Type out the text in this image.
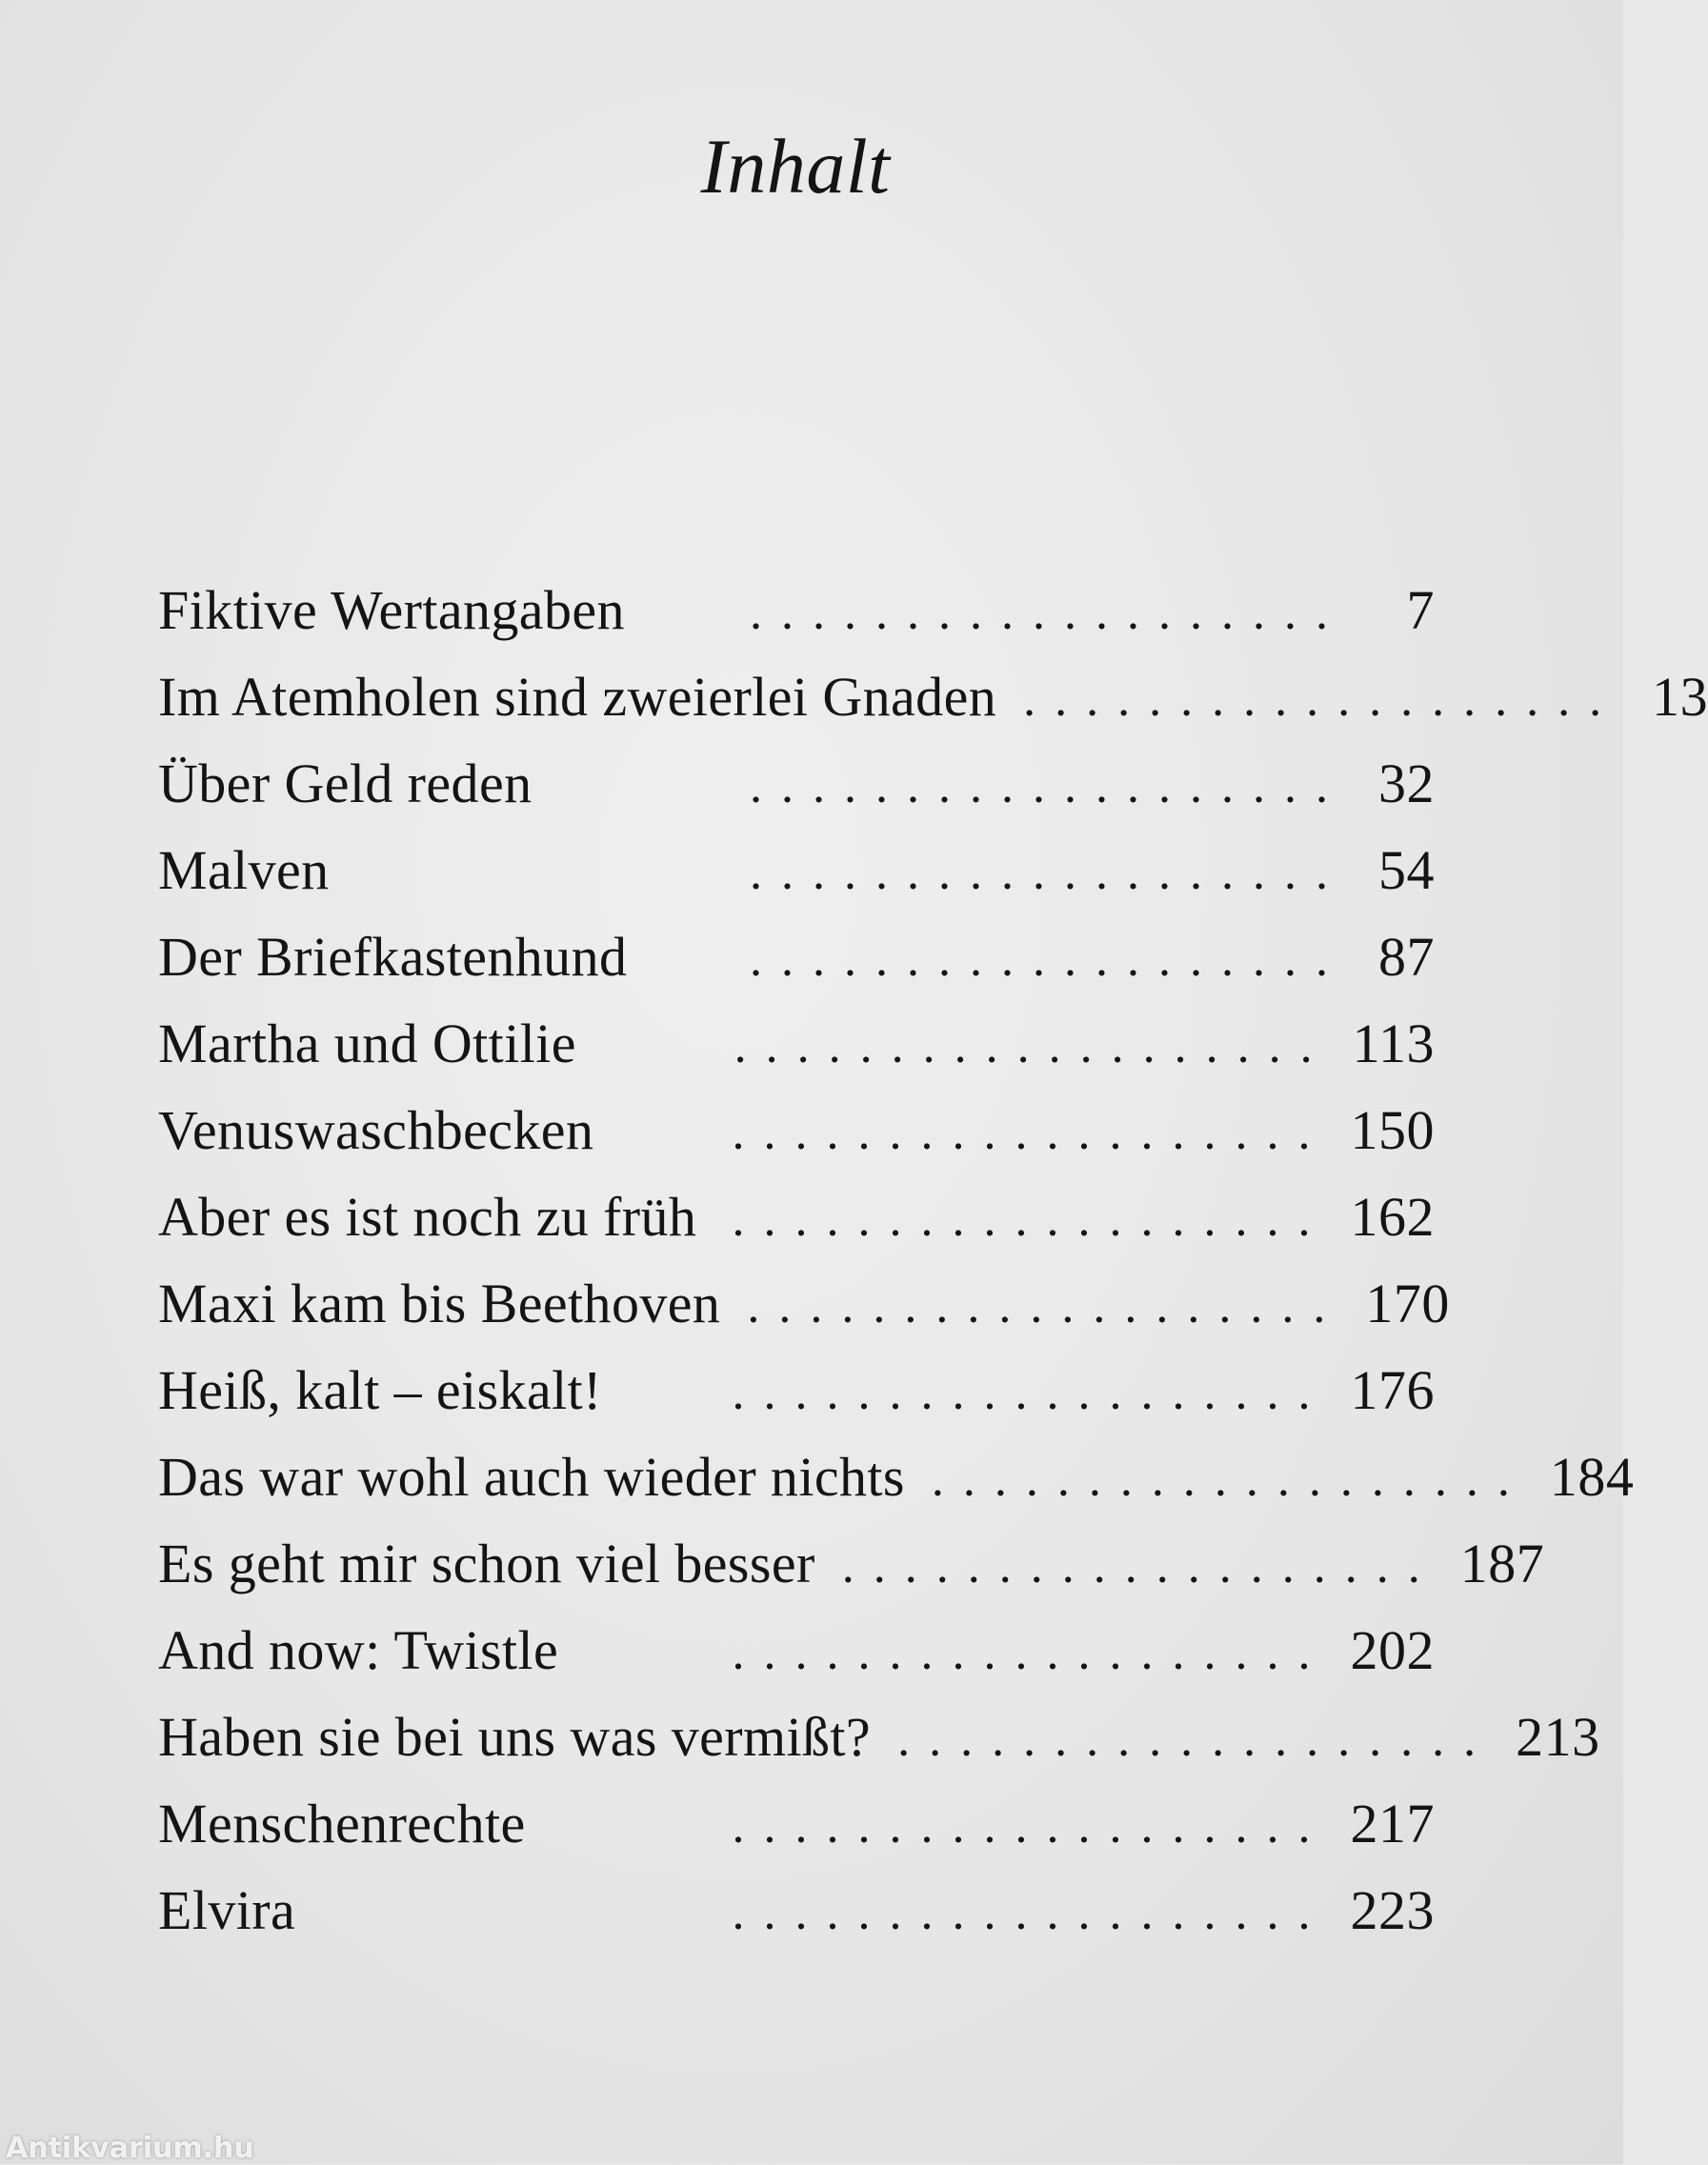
Inhalt
Fiktive Wertangaben	...................	7
Im Atemholen sind zweierlei Gnaden ................... 13
Über Geld reden	................... 32
Malven	................... 54
Der Briefkastenhund	................... 87
Martha und Ottilie	................... 113
Venuswaschbecken	................... 150
Aber es ist noch zu früh ................... 162
Maxi kam bis Beethoven ................... 170
Heiß, kalt – eiskalt!	................... 176
Das war wohl auch wieder nichts ................... 184
Es geht mir schon viel besser ................... 187
And now: Twistle	................... 202
Haben sie bei uns was vermißt? ................... 213
Menschenrechte	................... 217
Elvira	................... 223
Antikvarium.hu
